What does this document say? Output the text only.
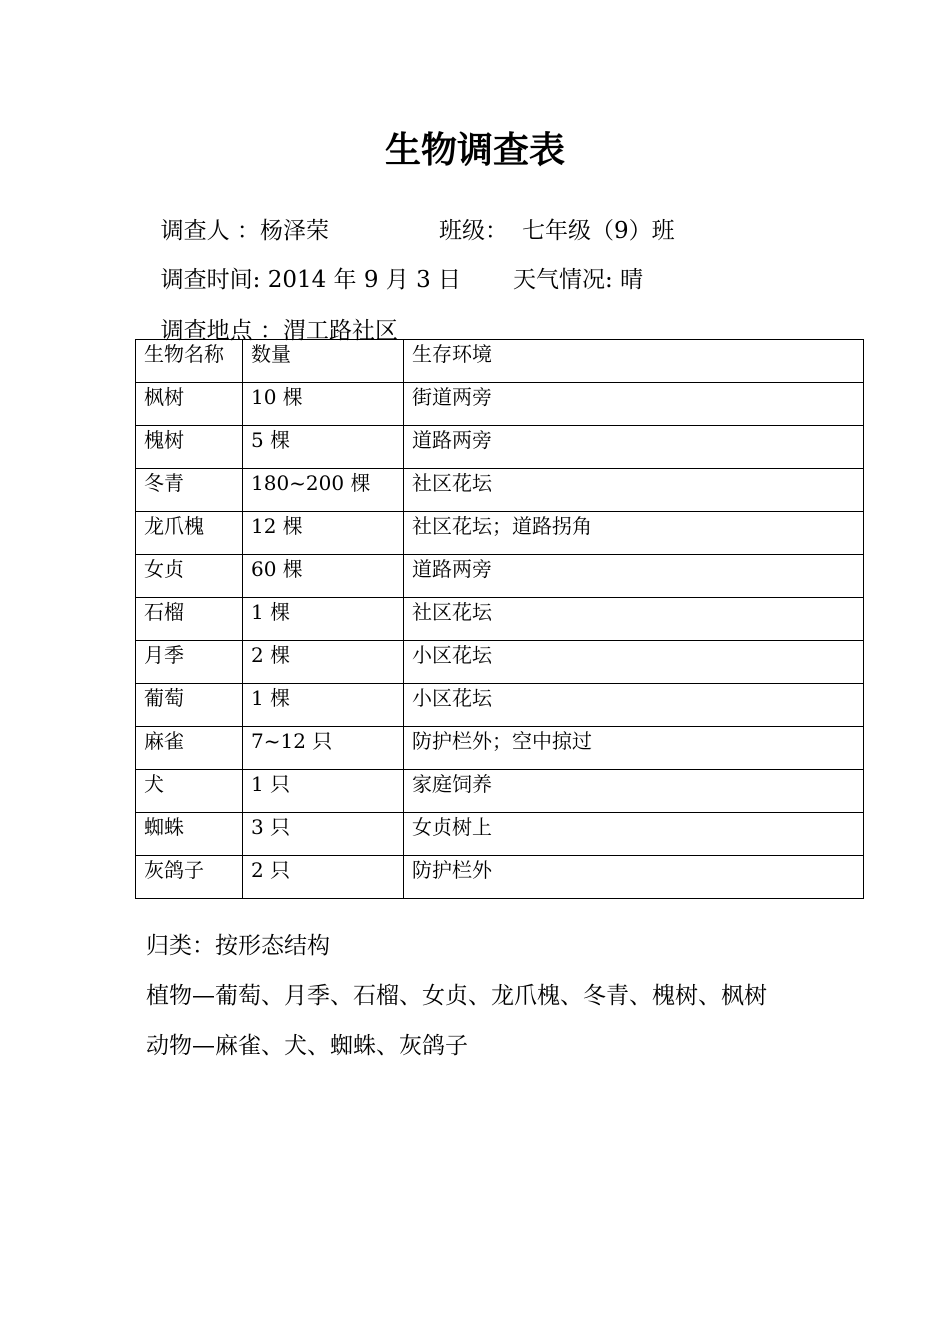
生物调查表

调查人 ：杨泽荣	班级： 七年级（9）班

调查时间: 2014 年 9 月 3 日 天气情况: 晴

调查地点 ：渭工路社区

生物名称	数量	生存环境

枫树	10 棵	街道两旁

槐树	5 棵	道路两旁

冬青	180~200 棵	社区花坛

龙爪槐	12 棵	社区花坛；道路拐角

女贞	60 棵	道路两旁

石榴	1 棵	社区花坛

月季	2 棵	小区花坛

葡萄	1 棵	小区花坛

麻雀	7~12 只	防护栏外；空中掠过

犬	1 只	家庭饲养

蜘蛛	3 只	女贞树上

灰鸽子	2 只	防护栏外
归类：按形态结构
植物—葡萄、月季、石榴、女贞、龙爪槐、冬青、槐树、枫树
动物—麻雀、犬、蜘蛛、灰鸽子
